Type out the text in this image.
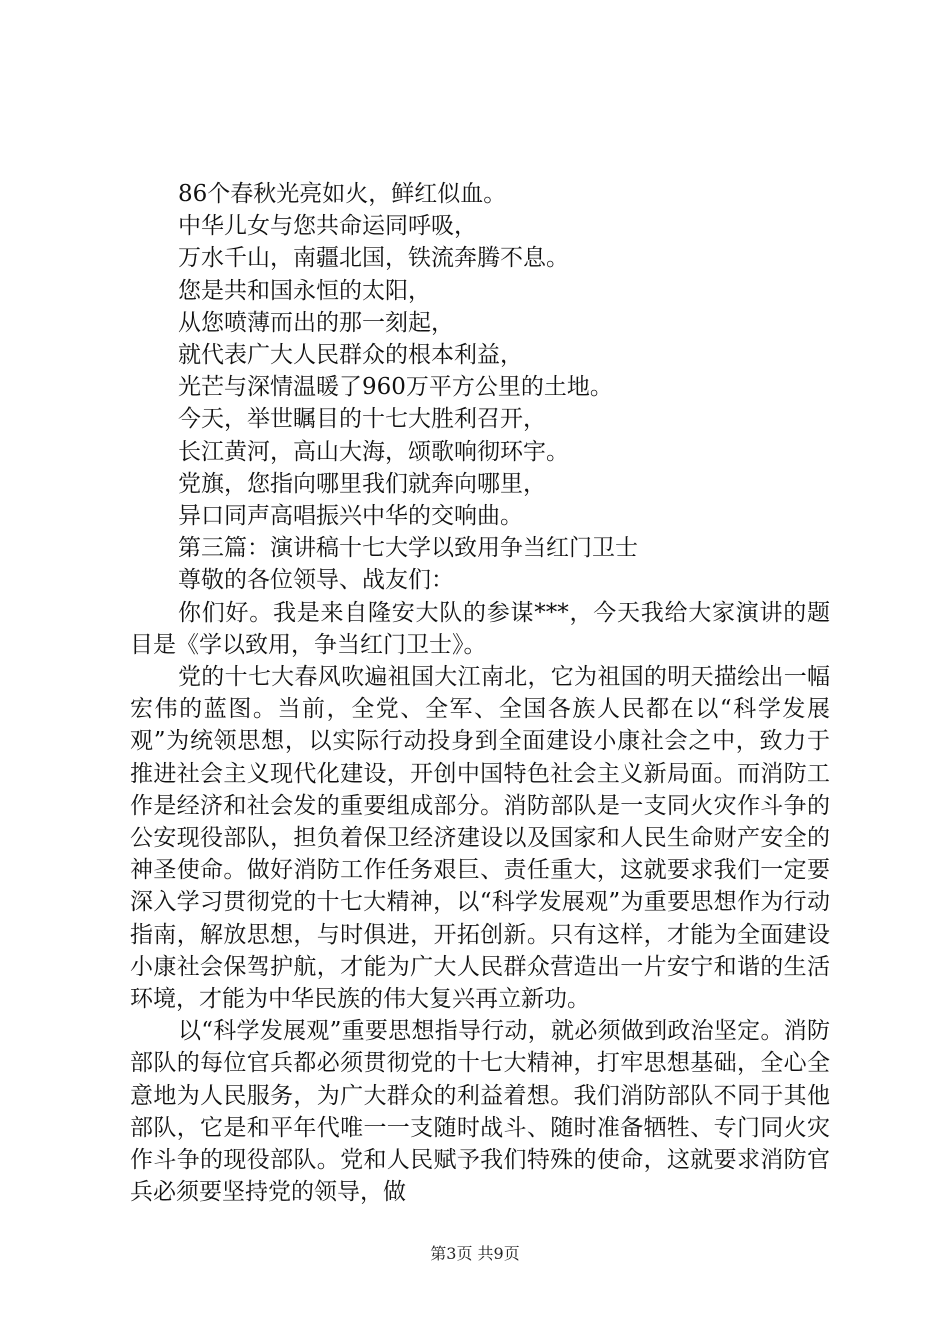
86个春秋光亮如火，鲜红似血。
中华儿女与您共命运同呼吸，
万水千山，南疆北国，铁流奔腾不息。
您是共和国永恒的太阳，
从您喷薄而出的那一刻起，
就代表广大人民群众的根本利益，
光芒与深情温暖了960万平方公里的土地。
今天，举世瞩目的十七大胜利召开，
长江黄河，高山大海，颂歌响彻环宇。
党旗，您指向哪里我们就奔向哪里，
异口同声高唱振兴中华的交响曲。
第三篇：演讲稿十七大学以致用争当红门卫士
尊敬的各位领导、战友们：

你们好。我是来自隆安大队的参谋***，今天我给大家演讲的题目是《学以致用，争当红门卫士》。

党的十七大春风吹遍祖国大江南北，它为祖国的明天描绘出一幅宏伟的蓝图。当前，全党、全军、全国各族人民都在以“科学发展观”为统领思想，以实际行动投身到全面建设小康社会之中，致力于推进社会主义现代化建设，开创中国特色社会主义新局面。而消防工作是经济和社会发的重要组成部分。消防部队是一支同火灾作斗争的公安现役部队，担负着保卫经济建设以及国家和人民生命财产安全的神圣使命。做好消防工作任务艰巨、责任重大，这就要求我们一定要深入学习贯彻党的十七大精神，以“科学发展观”为重要思想作为行动指南，解放思想，与时俱进，开拓创新。只有这样，才能为全面建设小康社会保驾护航，才能为广大人民群众营造出一片安宁和谐的生活环境，才能为中华民族的伟大复兴再立新功。

以“科学发展观”重要思想指导行动，就必须做到政治坚定。消防部队的每位官兵都必须贯彻党的十七大精神，打牢思想基础，全心全意地为人民服务，为广大群众的利益着想。我们消防部队不同于其他部队，它是和平年代唯一一支随时战斗、随时准备牺牲、专门同火灾作斗争的现役部队。党和人民赋予我们特殊的使命，这就要求消防官兵必须要坚持党的领导，做

第3页 共9页
